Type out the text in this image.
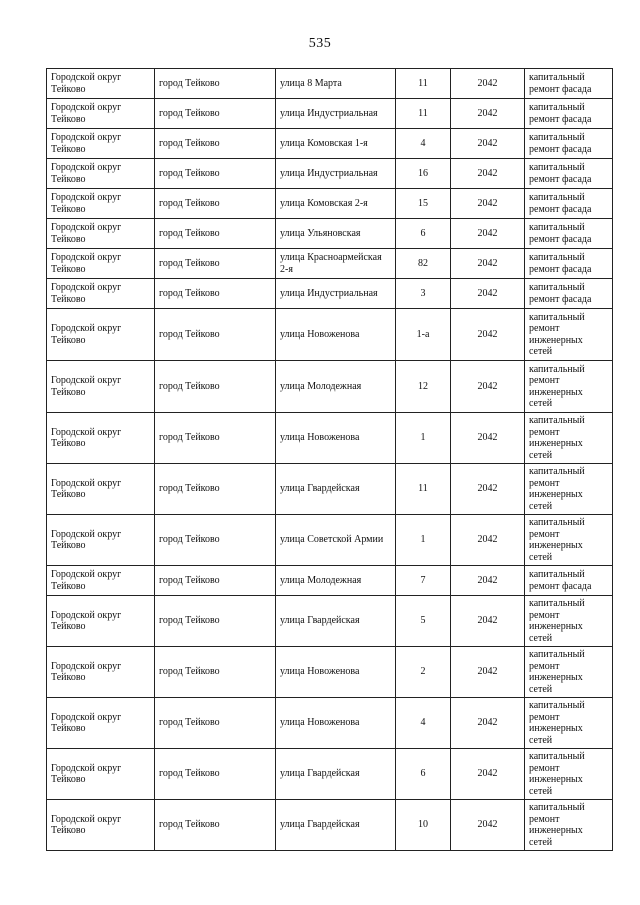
535
Городской округ Тейково	город Тейково	улица 8 Марта	11	2042	капитальный ремонт фасада
Городской округ Тейково	город Тейково	улица Индустриальная	11	2042	капитальный ремонт фасада
Городской округ Тейково	город Тейково	улица Комовская 1-я	4	2042	капитальный ремонт фасада
Городской округ Тейково	город Тейково	улица Индустриальная	16	2042	капитальный ремонт фасада
Городской округ Тейково	город Тейково	улица Комовская 2-я	15	2042	капитальный ремонт фасада
Городской округ Тейково	город Тейково	улица Ульяновская	6	2042	капитальный ремонт фасада
Городской округ Тейково	город Тейково	улица Красноармейская 2-я	82	2042	капитальный ремонт фасада
Городской округ Тейково	город Тейково	улица Индустриальная	3	2042	капитальный ремонт фасада
Городской округ Тейково	город Тейково	улица Новоженова	1-а	2042	капитальный ремонт инженерных сетей
Городской округ Тейково	город Тейково	улица Молодежная	12	2042	капитальный ремонт инженерных сетей
Городской округ Тейково	город Тейково	улица Новоженова	1	2042	капитальный ремонт инженерных сетей
Городской округ Тейково	город Тейково	улица Гвардейская	11	2042	капитальный ремонт инженерных сетей
Городской округ Тейково	город Тейково	улица Советской Армии	1	2042	капитальный ремонт инженерных сетей
Городской округ Тейково	город Тейково	улица Молодежная	7	2042	капитальный ремонт фасада
Городской округ Тейково	город Тейково	улица Гвардейская	5	2042	капитальный ремонт инженерных сетей
Городской округ Тейково	город Тейково	улица Новоженова	2	2042	капитальный ремонт инженерных сетей
Городской округ Тейково	город Тейково	улица Новоженова	4	2042	капитальный ремонт инженерных сетей
Городской округ Тейково	город Тейково	улица Гвардейская	6	2042	капитальный ремонт инженерных сетей
Городской округ Тейково	город Тейково	улица Гвардейская	10	2042	капитальный ремонт инженерных сетей
